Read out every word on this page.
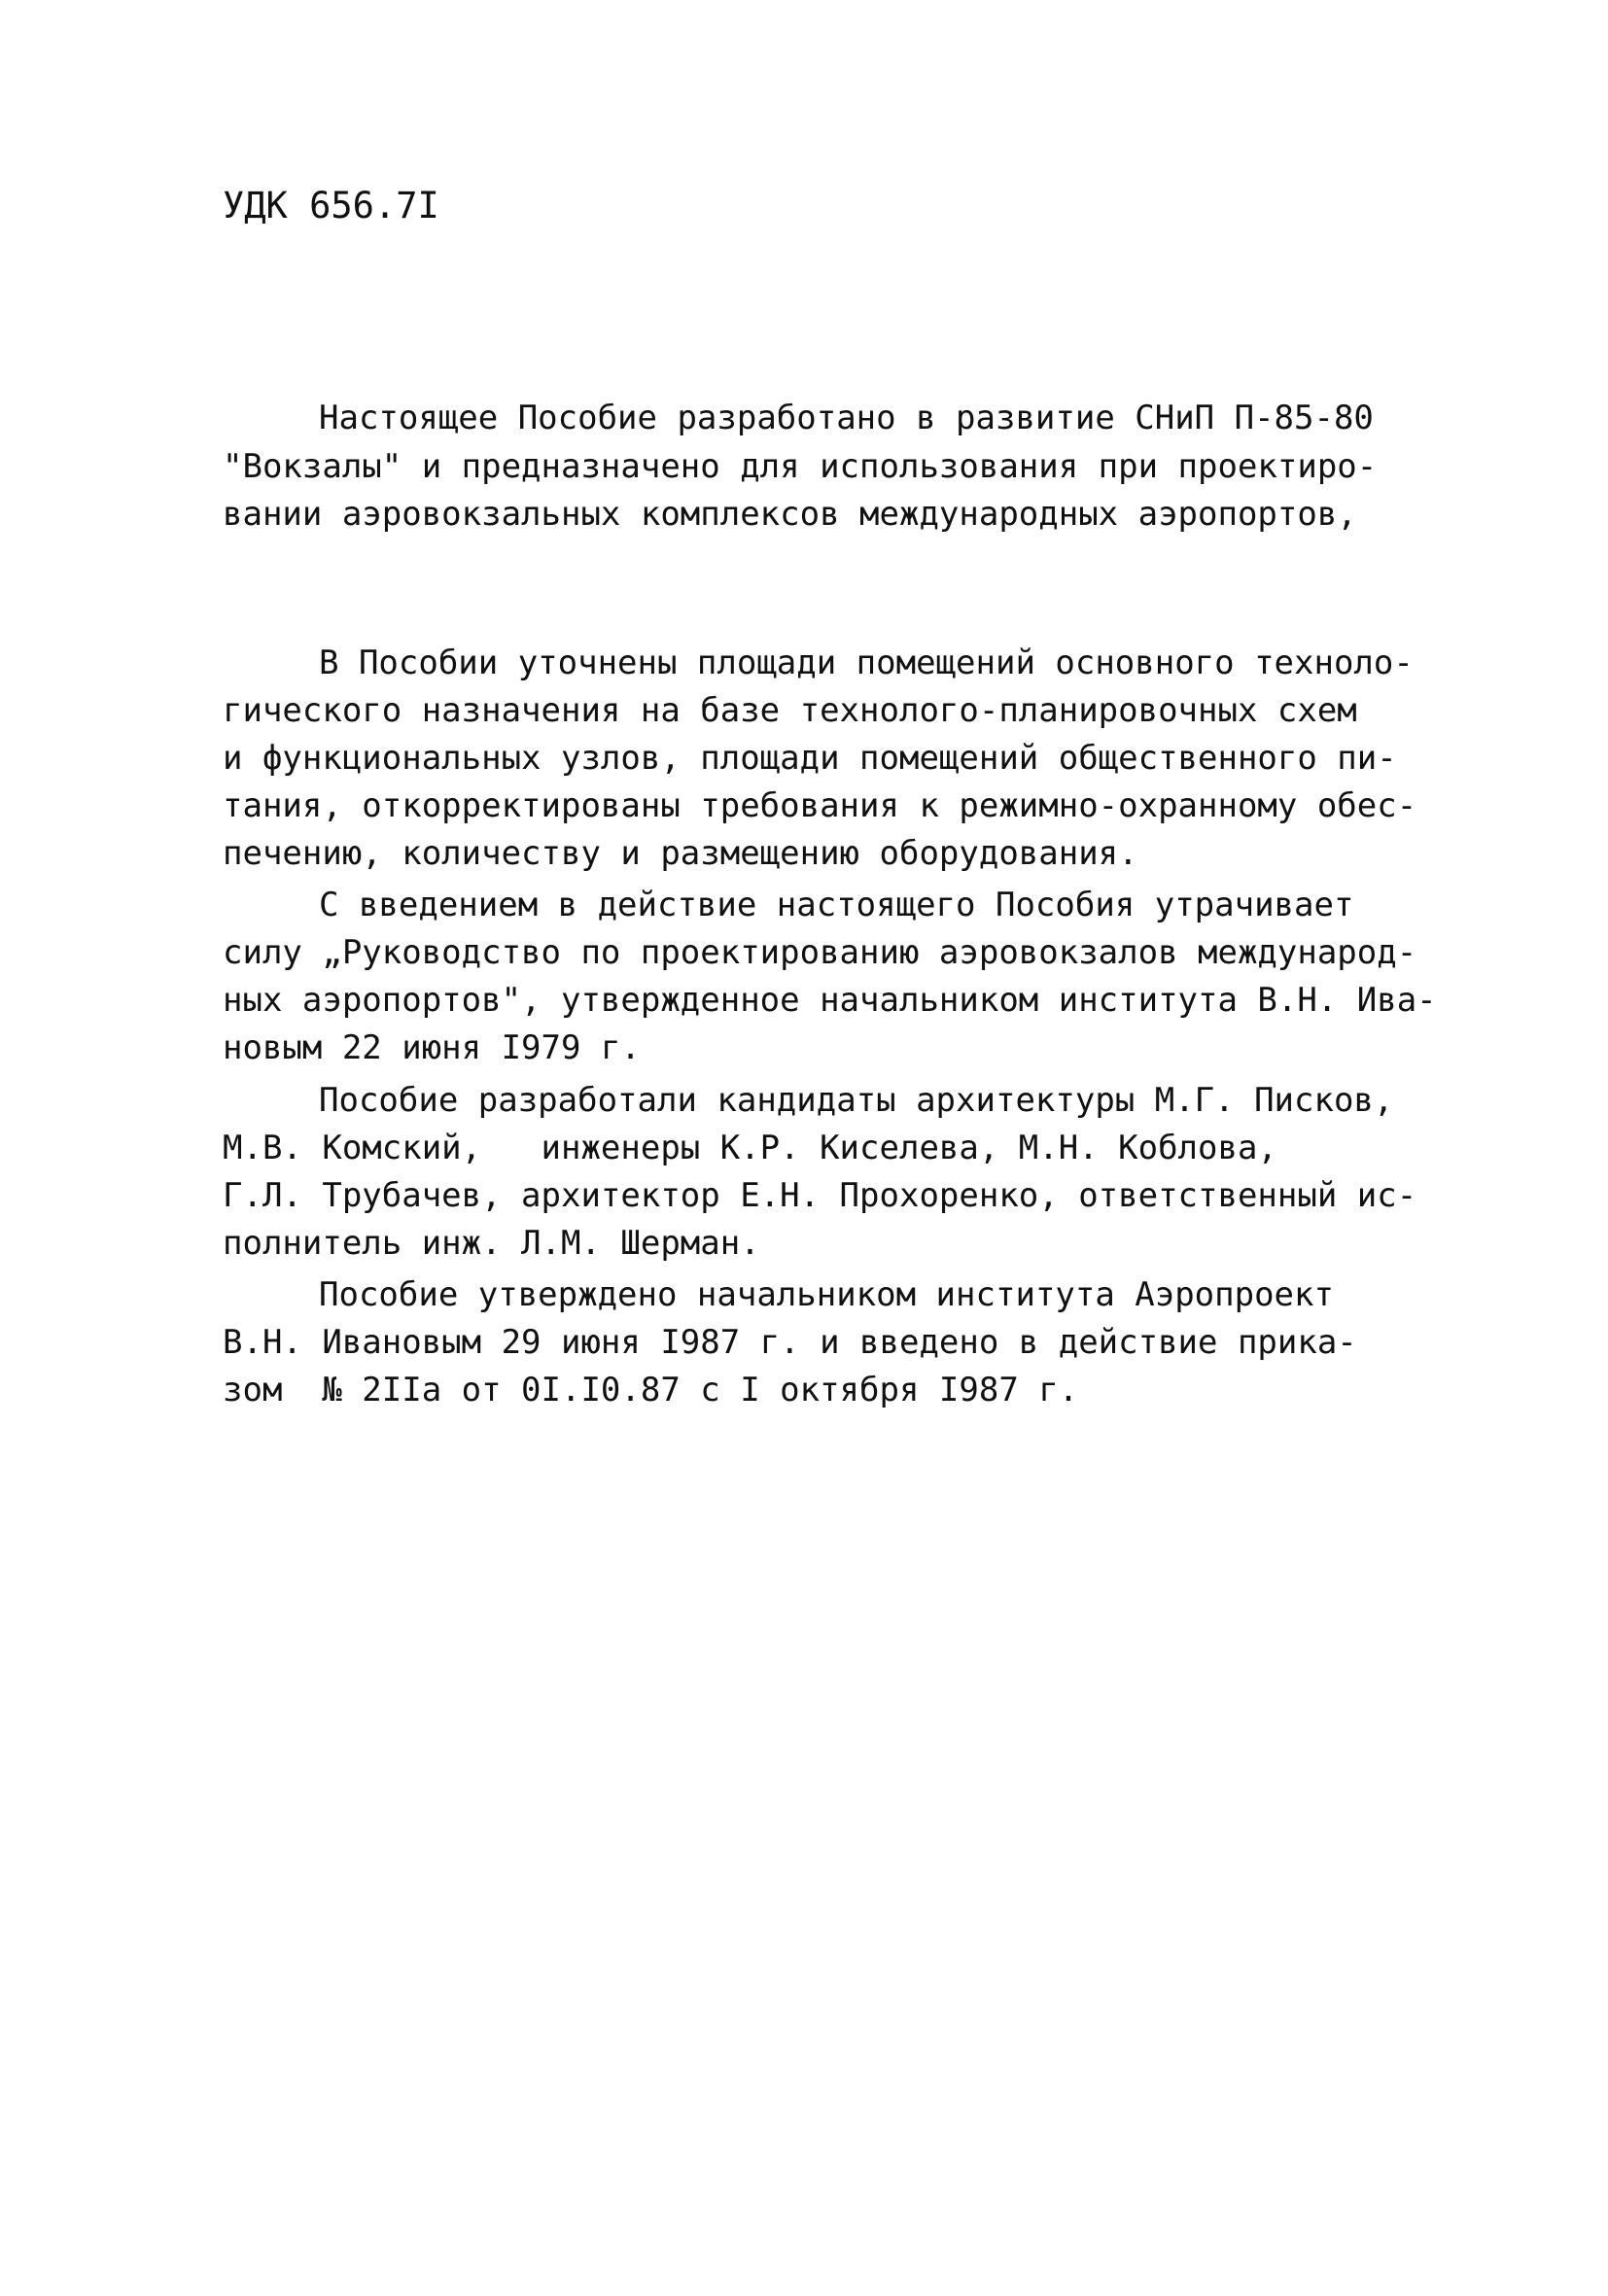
УДК 656.7I

Настоящее Пособие разработано в развитие СНиП П-85-80

"Вокзалы" и предназначено для использования при проектиро-

вании аэровокзальных комплексов международных аэропортов,

В Пособии уточнены площади помещений основного техноло-

гического назначения на базе технолого-планировочных схем

и функциональных узлов, площади помещений общественного пи-

тания, откорректированы требования к режимно-охранному обес-

печению, количеству и размещению оборудования.

С введением в действие настоящего Пособия утрачивает

силу „Руководство по проектированию аэровокзалов международ-

ных аэропортов", утвержденное начальником института В.Н. Ива-

новым 22 июня I979 г.

Пособие разработали кандидаты архитектуры М.Г. Писков,

М.В. Комский,   инженеры К.Р. Киселева, М.Н. Коблова,

Г.Л. Трубачев, архитектор Е.Н. Прохоренко, ответственный ис-

полнитель инж. Л.М. Шерман.

Пособие утверждено начальником института Аэропроект

В.Н. Ивановым 29 июня I987 г. и введено в действие прика-

зом  № 2IIa от 0I.I0.87 с I октября I987 г.
